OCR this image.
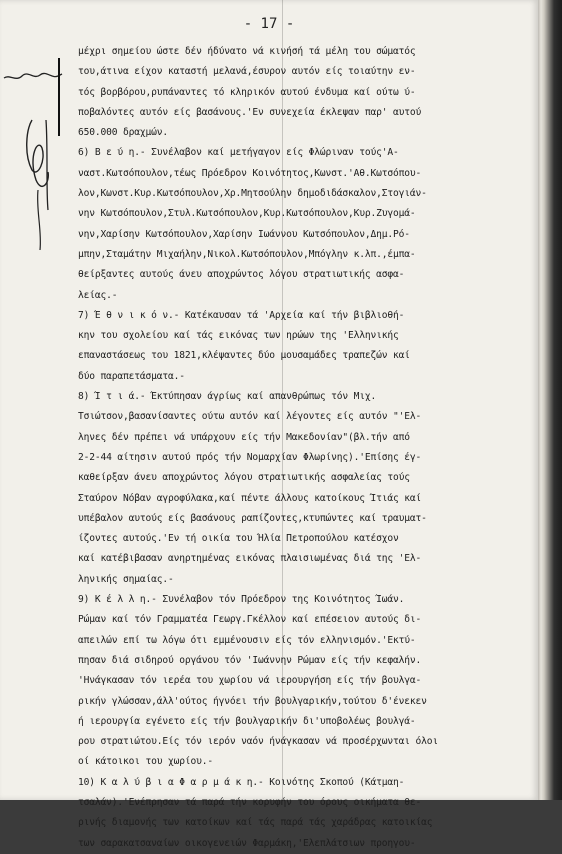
- 17 -
μέχρι σημείου ώστε δέν ήδύνατο νά κινήσή τά μέλη του σώματός
του,άτινα είχον καταστή μελανά,έσυρον αυτόν είς τοιαύτην εν-
τός βορβόρου,ρυπάναντες τό κληρικόν αυτού ένδυμα καί ούτω ύ-
ποβαλόντες αυτόν είς βασάνους.'Εν συνεχεία έκλεψαν παρ' αυτού
650.000 δραχμών.
6) Β ε ύ η.- Συνέλαβον καί μετήγαγον είς Φλώριναν τούς'Α-
ναστ.Κωτσόπουλον,τέως Πρόεδρον Κοινότητος,Κωνστ.'Αθ.Κωτσόπου-
λον,Κωνστ.Κυρ.Κωτσόπουλον,Χρ.Μητσούλην δημοδιδάσκαλον,Στογιάν-
νην Κωτσόπουλον,Στυλ.Κωτσόπουλον,Κυρ.Κωτσόπουλον,Κυρ.Ζυγομά-
νην,Χαρίσην Κωτσόπουλον,Χαρίσην Ιωάννου Κωτσόπουλον,Δημ.Ρό-
μπην,Σταμάτην Μιχαήλην,Νικολ.Κωτσόπουλον,Μπόγλην κ.λπ.,έμπα-
θείρξαντες αυτούς άνευ αποχρώντος λόγου στρατιωτικής ασφα-
λείας.-
7) Έ θ ν ι κ ό ν.- Κατέκαυσαν τά 'Αρχεία καί τήν βιβλιοθή-
κην του σχολείου καί τάς εικόνας των ηρώων της 'Ελληνικής
επαναστάσεως του 1821,κλέψαντες δύο μουσαμάδες τραπεζών καί
δύο παραπετάσματα.-
8) Ί τ ι ά.- Έκτύπησαν άγρίως καί απανθρώπως τόν Μιχ.
Τσιώτσον,βασανίσαντες ούτω αυτόν καί λέγοντες είς αυτόν "'Ελ-
ληνες δέν πρέπει νά υπάρχουν είς τήν Μακεδονίαν"(βλ.τήν από
2-2-44 αίτησιν αυτού πρός τήν Νομαρχίαν Φλωρίνης).'Επίσης έγ-
καθείρξαν άνευ αποχρώντος λόγου στρατιωτικής ασφαλείας τούς
Σταύρον Νόβαν αγροφύλακα,καί πέντε άλλους κατοίκους Ίτιάς καί
υπέβαλον αυτούς είς βασάνους ραπίζοντες,κτυπώντες καί τραυματ-
ίζοντες αυτούς.'Εν τή οικία του Ήλία Πετροπούλου κατέσχον
καί κατέβιβασαν ανηρτημένας εικόνας πλαισιωμένας διά της 'Ελ-
ληνικής σημαίας.-
9) Κ έ λ λ η.- Συνέλαβον τόν Πρόεδρον της Κοινότητος Ίωάν.
Ρώμαν καί τόν Γραμματέα Γεωργ.Γκέλλον καί επέσειον αυτούς δι-
απειλών επί τω λόγω ότι εμμένουσιν είς τόν ελληνισμόν.'Εκτύ-
πησαν διά σιδηρού οργάνου τόν 'Ιωάννην Ρώμαν είς τήν κεφαλήν.
'Ηνάγκασαν τόν ιερέα του χωρίου νά ιερουργήση είς τήν βουλγα-
ρικήν γλώσσαν,άλλ'ούτος ήγνόει τήν βουλγαρικήν,τούτου δ'ένεκεν
ή ιερουργία εγένετο είς τήν βουλγαρικήν δι'υποβολέως βουλγά-
ρου στρατιώτου.Είς τόν ιερόν ναόν ήνάγκασαν νά προσέρχωνται όλοι
οί κάτοικοι του χωρίου.-
10) Κ α λ ύ β ι α Φ α ρ μ ά κ η.- Κοινότης Σκοπού (Κάτμαη-
τσαλάν).'Ενέπρησαν τά παρά τήν κορυφήν του όρους οικήματα θε-
ρινής διαμονής των κατοίκων καί τάς παρά τάς χαράδρας κατοικίας
των σαρακατσαναίων οικογενειών Φαρμάκη,'Ελεπλάτσιων προηγου-
